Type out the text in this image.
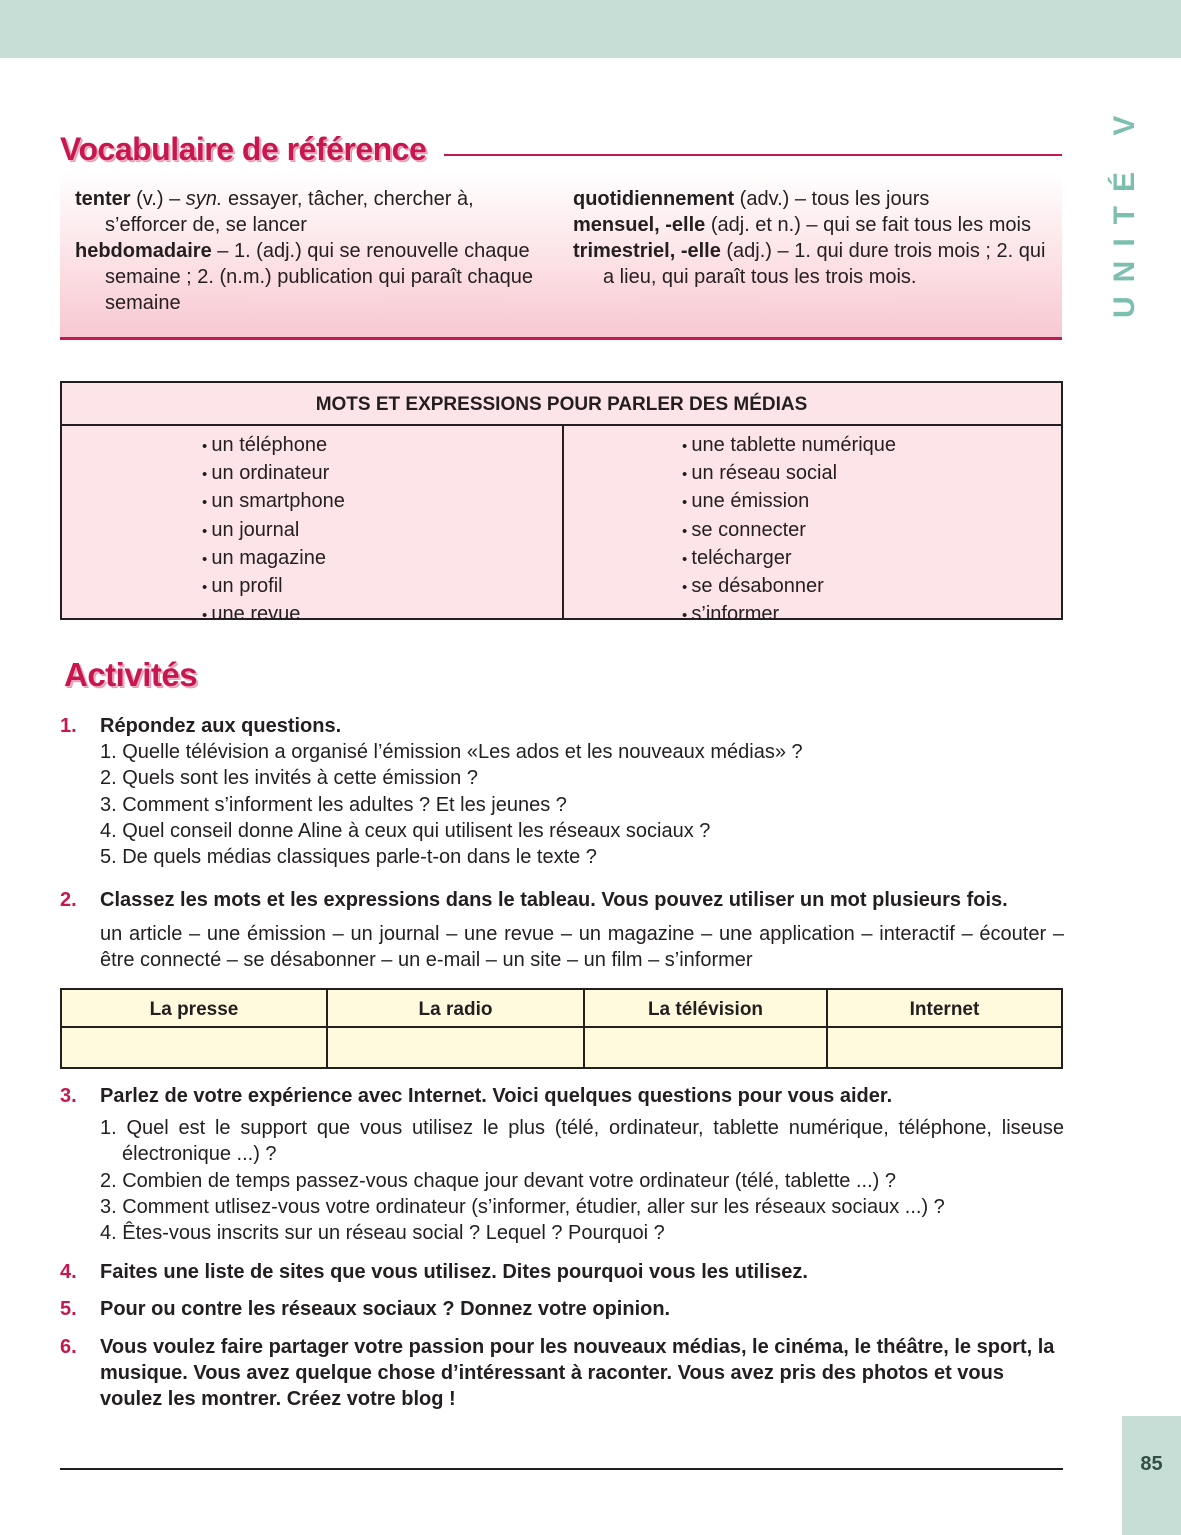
UNITÉ V
Vocabulaire de référence
tenter (v.) – syn. essayer, tâcher, chercher à, s’efforcer de, se lancer
hebdomadaire – 1. (adj.) qui se renouvelle chaque semaine ; 2. (n.m.) publication qui paraît chaque semaine
quotidiennement (adv.) – tous les jours
mensuel, -elle (adj. et n.) – qui se fait tous les mois
trimestriel, -elle (adj.) – 1. qui dure trois mois ; 2. qui a lieu, qui paraît tous les trois mois.
MOTS ET EXPRESSIONS POUR PARLER DES MÉDIAS
• un téléphone
• un ordinateur
• un smartphone
• un journal
• un magazine
• un profil
• une revue
• une tablette numérique
• un réseau social
• une émission
• se connecter
• telécharger
• se désabonner
• s’informer
Activités
1. Répondez aux questions.
1. Quelle télévision a organisé l’émission «Les ados et les nouveaux médias» ?
2. Quels sont les invités à cette émission ?
3. Comment s’informent les adultes ? Et les jeunes ?
4. Quel conseil donne Aline à ceux qui utilisent les réseaux sociaux ?
5. De quels médias classiques parle-t-on dans le texte ?
2. Classez les mots et les expressions dans le tableau. Vous pouvez utiliser un mot plusieurs fois.
un article – une émission – un journal – une revue – un magazine – une application – interactif – écouter – être connecté – se désabonner – un e-mail – un site – un film – s’informer
La presse	La radio	La télévision	Internet
3. Parlez de votre expérience avec Internet. Voici quelques questions pour vous aider.
1. Quel est le support que vous utilisez le plus (télé, ordinateur, tablette numérique, téléphone, liseuse électronique ...) ?
2. Combien de temps passez-vous chaque jour devant votre ordinateur (télé, tablette ...) ?
3. Comment utlisez-vous votre ordinateur (s’informer, étudier, aller sur les réseaux sociaux ...) ?
4. Êtes-vous inscrits sur un réseau social ? Lequel ? Pourquoi ?
4. Faites une liste de sites que vous utilisez. Dites pourquoi vous les utilisez.
5. Pour ou contre les réseaux sociaux ? Donnez votre opinion.
6. Vous voulez faire partager votre passion pour les nouveaux médias, le cinéma, le théâtre, le sport, la musique. Vous avez quelque chose d’intéressant à raconter. Vous avez pris des photos et vous voulez les montrer. Créez votre blog !
85
